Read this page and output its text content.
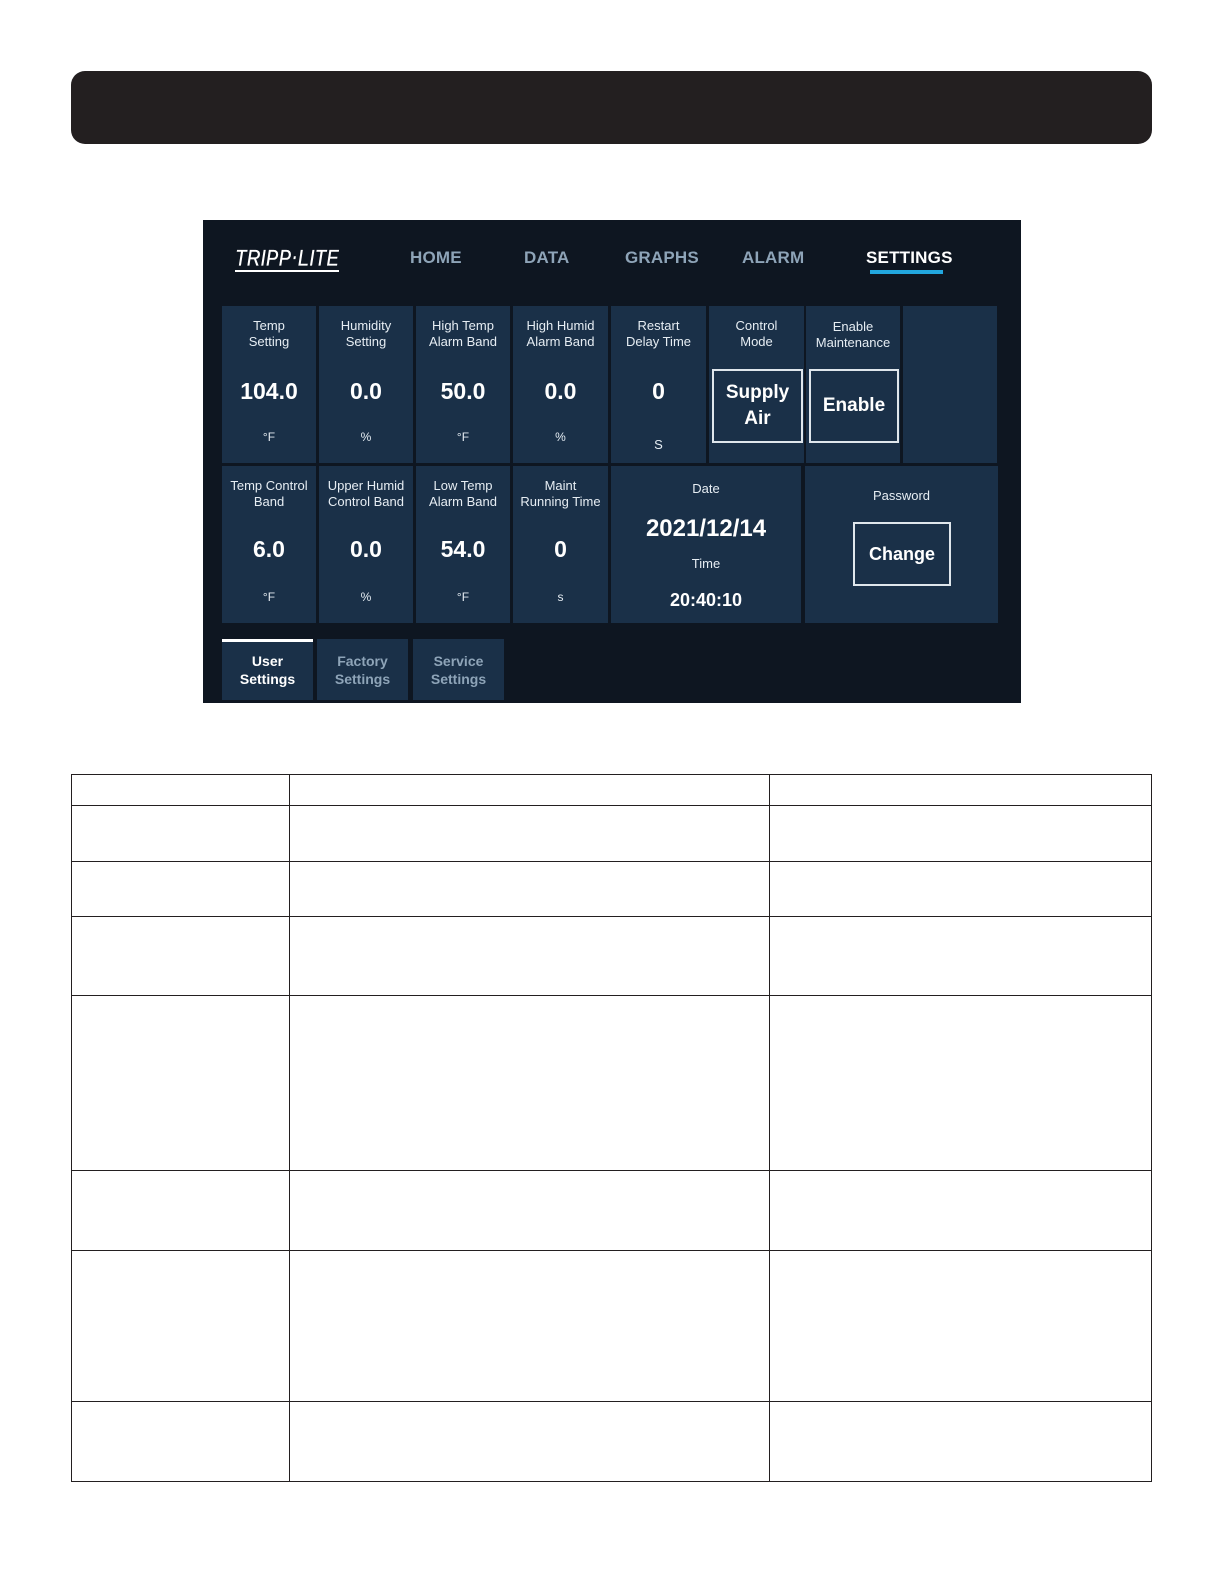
TRIPP·LITE	HOME	DATA	GRAPHS	ALARM	SETTINGS
Temp
Setting
104.0
°F
Humidity
Setting
0.0
%
High Temp
Alarm Band
50.0
°F
High Humid
Alarm Band
0.0
%
Restart
Delay Time
0
S
Control
Mode
Supply
Air
Enable Maintenance
Enable
Temp Control
Band
6.0
°F
Upper Humid
Control Band
0.0
%
Low Temp
Alarm Band
54.0
°F
Maint
Running Time
0
s
Date
2021/12/14
Time
20:40:10
Password
Change
User
Settings
Factory
Settings
Service
Settings
